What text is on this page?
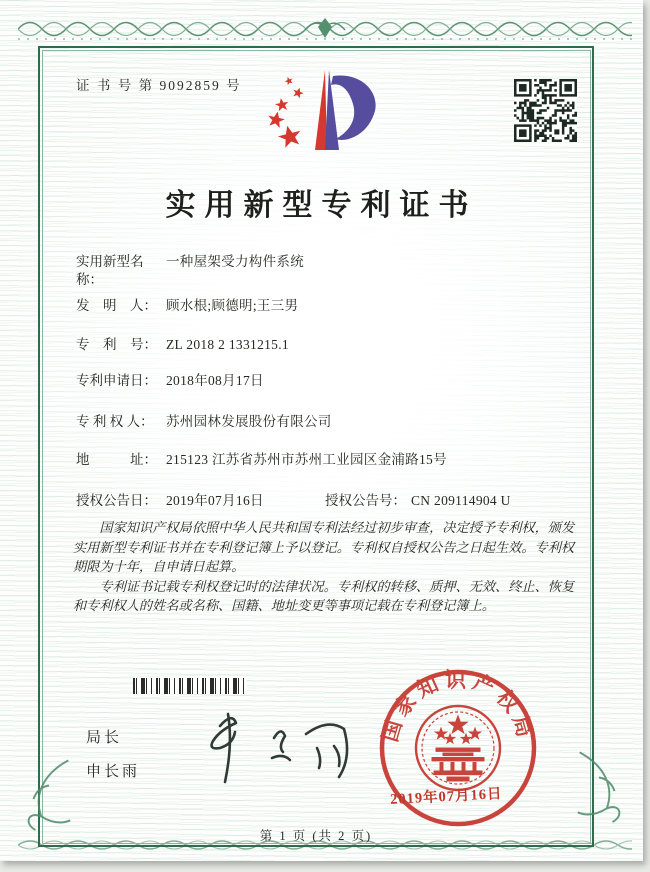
证 书 号 第 9092859 号
实用新型专利证书
实用新型名称：
一种屋架受力构件系统
发　明　人： 顾水根;顾德明;王三男
专　利　号： ZL 2018 2 1331215.1
专利申请日： 2018年08月17日
专 利 权 人： 苏州园林发展股份有限公司
地　　　址： 215123 江苏省苏州市苏州工业园区金浦路15号
授权公告日： 2019年07月16日	授权公告号： CN 209114904 U

国家知识产权局依照中华人民共和国专利法经过初步审查，决定授予专利权，颁发实用新型专利证书并在专利登记簿上予以登记。专利权自授权公告之日起生效。专利权期限为十年，自申请日起算。

专利证书记载专利权登记时的法律状况。专利权的转移、质押、无效、终止、恢复和专利权人的姓名或名称、国籍、地址变更等事项记载在专利登记簿上。

局长
申长雨
国家知识产权局
2019年07月16日
第 1 页 (共 2 页)
